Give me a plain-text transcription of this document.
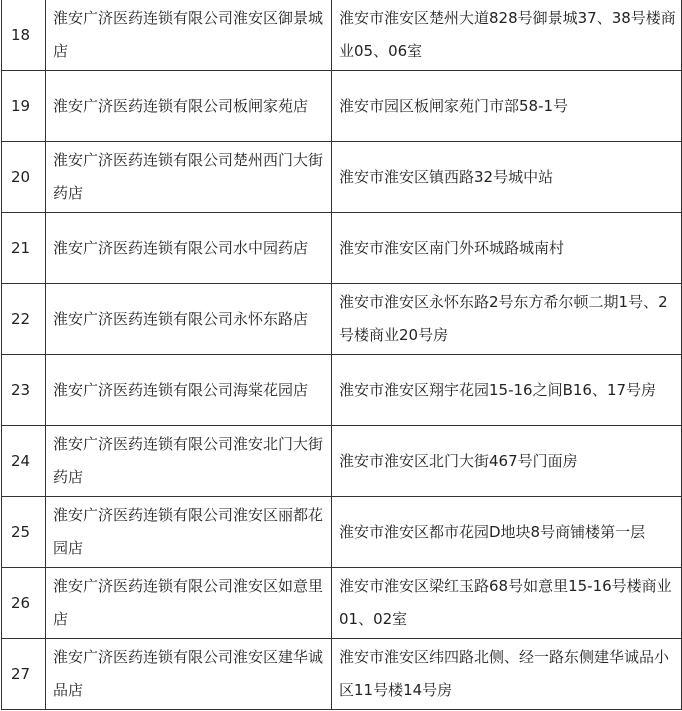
18	淮安广济医药连锁有限公司淮安区御景城店	淮安市淮安区楚州大道828号御景城37、38号楼商业05、06室
19	淮安广济医药连锁有限公司板闸家苑店	淮安市园区板闸家苑门市部58-1号
20	淮安广济医药连锁有限公司楚州西门大街药店	淮安市淮安区镇西路32号城中站
21	淮安广济医药连锁有限公司水中园药店	淮安市淮安区南门外环城路城南村
22	淮安广济医药连锁有限公司永怀东路店	淮安市淮安区永怀东路2号东方希尔顿二期1号、2号楼商业20号房
23	淮安广济医药连锁有限公司海棠花园店	淮安市淮安区翔宇花园15-16之间B16、17号房
24	淮安广济医药连锁有限公司淮安北门大街药店	淮安市淮安区北门大街467号门面房
25	淮安广济医药连锁有限公司淮安区丽都花园店	淮安市淮安区都市花园D地块8号商铺楼第一层
26	淮安广济医药连锁有限公司淮安区如意里店	淮安市淮安区梁红玉路68号如意里15-16号楼商业01、02室
27	淮安广济医药连锁有限公司淮安区建华诚品店	淮安市淮安区纬四路北侧、经一路东侧建华诚品小区11号楼14号房
